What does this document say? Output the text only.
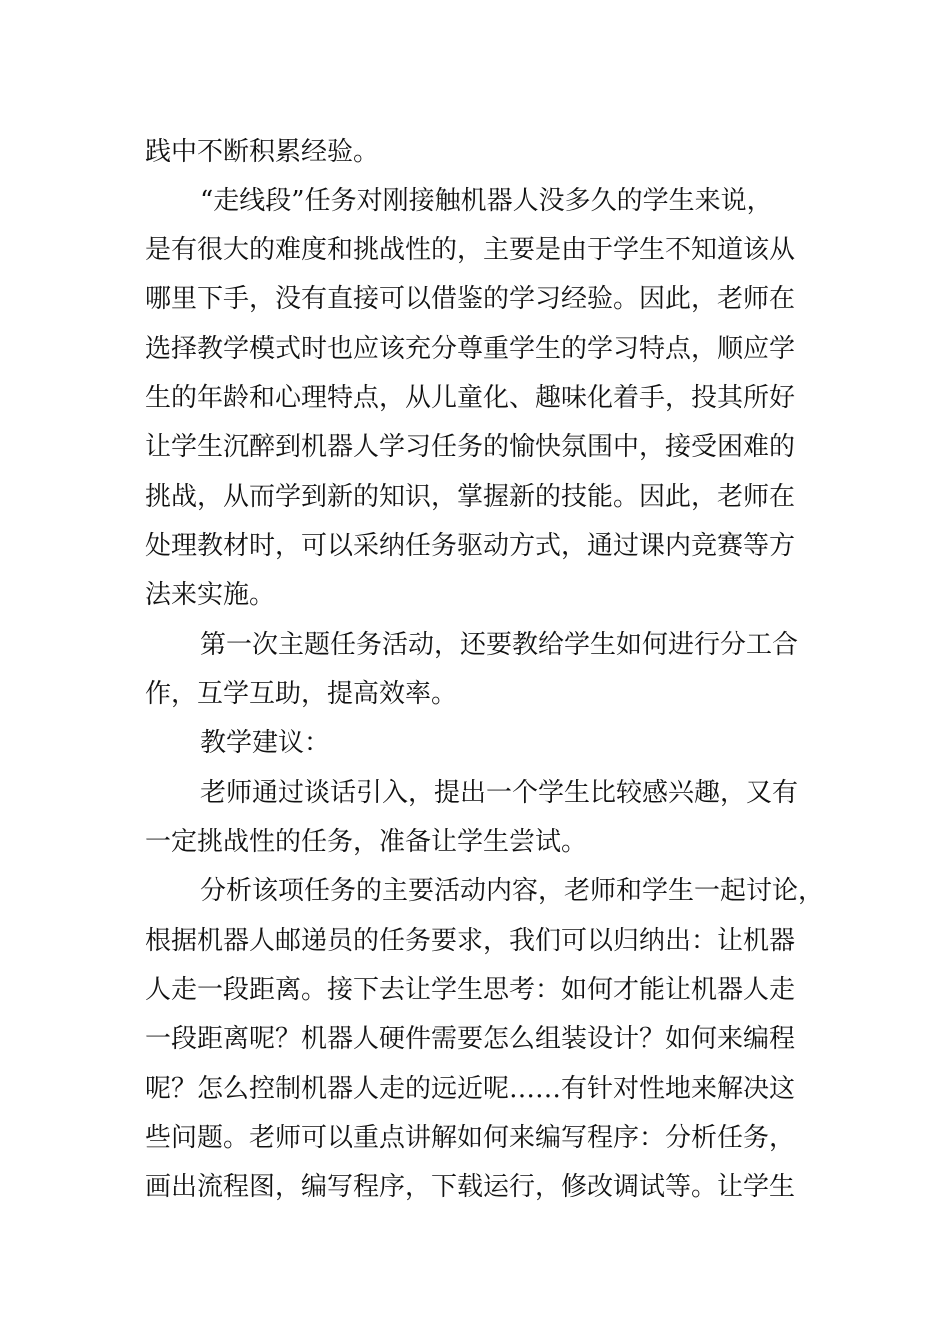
践中不断积累经验。
“走线段”任务对刚接触机器人没多久的学生来说，
是有很大的难度和挑战性的，主要是由于学生不知道该从
哪里下手，没有直接可以借鉴的学习经验。因此，老师在
选择教学模式时也应该充分尊重学生的学习特点，顺应学
生的年龄和心理特点，从儿童化、趣味化着手，投其所好
让学生沉醉到机器人学习任务的愉快氛围中，接受困难的
挑战，从而学到新的知识，掌握新的技能。因此，老师在
处理教材时，可以采纳任务驱动方式，通过课内竞赛等方
法来实施。
第一次主题任务活动，还要教给学生如何进行分工合
作，互学互助，提高效率。
教学建议：
老师通过谈话引入，提出一个学生比较感兴趣，又有
一定挑战性的任务，准备让学生尝试。
分析该项任务的主要活动内容，老师和学生一起讨论，
根据机器人邮递员的任务要求，我们可以归纳出：让机器
人走一段距离。接下去让学生思考：如何才能让机器人走
一段距离呢？机器人硬件需要怎么组装设计？如何来编程
呢？怎么控制机器人走的远近呢……有针对性地来解决这
些问题。老师可以重点讲解如何来编写程序：分析任务，
画出流程图，编写程序，下载运行，修改调试等。让学生
